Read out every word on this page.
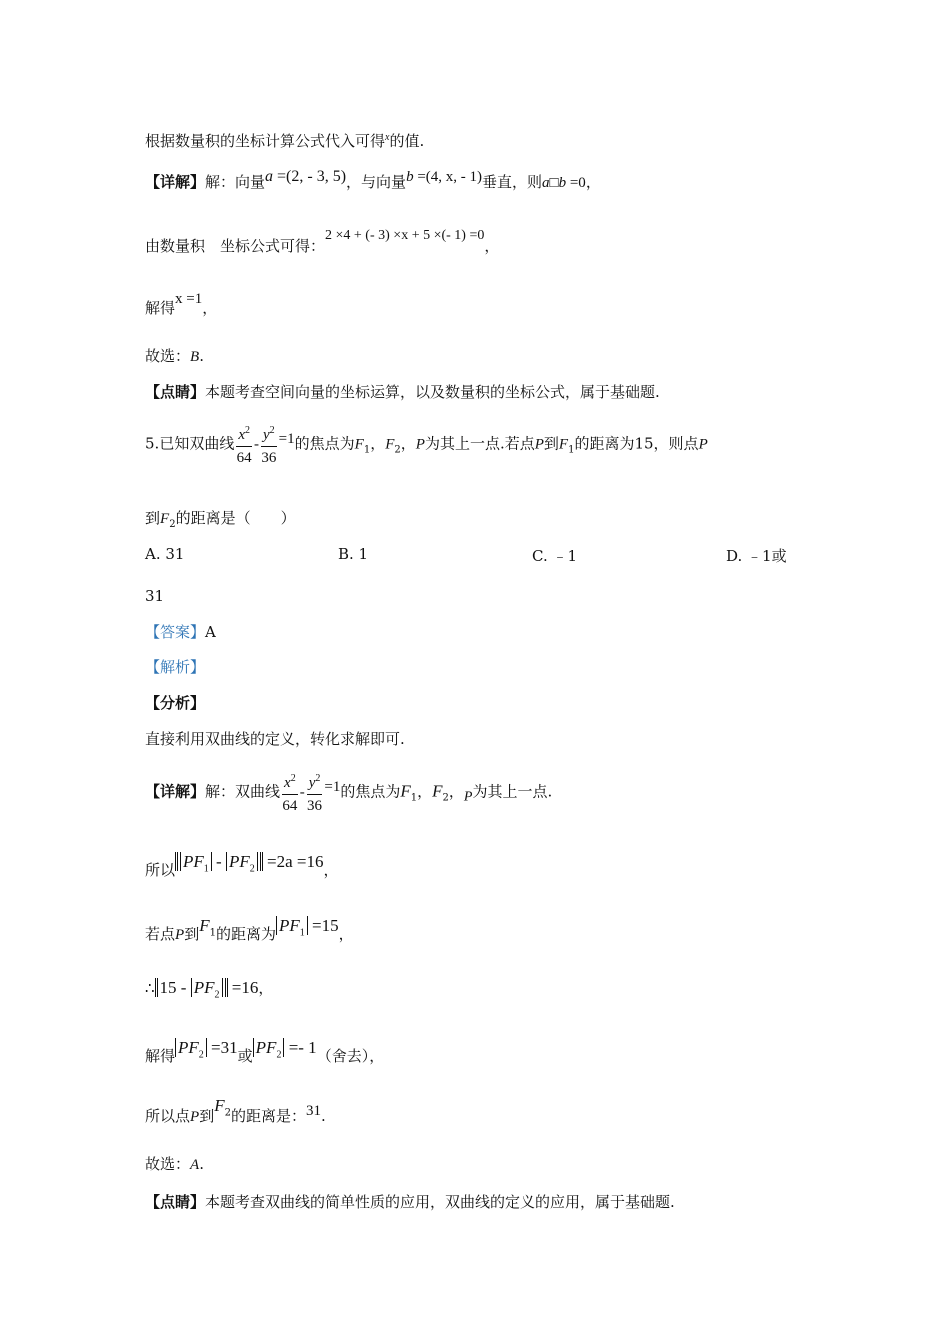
根据数量积的坐标计算公式代入可得$^x$的值.
【详解】解：向量a =(2, - 3, 5)，与向量b =(4, x, - 1)垂直，则a□b =0，
由数量积　坐标公式可得：2 ×4 + (- 3) ×x + 5 ×(- 1) =0，
解得x =1，
故选：B.
【点睛】本题考查空间向量的坐标运算，以及数量积的坐标公式，属于基础题.
5.已知双曲线 $\frac{x^2}{64} - \frac{y^2}{36} =1$的焦点为$F_1$，$F_2$，P为其上一点.若点P到$F_1$的距离为15，则点P
到$F_2$的距离是（　　）
A. 31	B. 1	C. ﹣1	D. ﹣1或
31
【答案】A
【解析】
【分析】
直接利用双曲线的定义，转化求解即可.
【详解】解：双曲线 $\frac{x^2}{64} - \frac{y^2}{36} =1$的焦点为$F_1$，$F_2$，$_P$为其上一点.
所以 $PF_1 - PF_2 =2a =16$，
若点P到$F_1$的距离为 $PF_1 =15$，
∴ $15 - PF_2 =16$，
解得 $PF_2 =31$或 $PF_2 =- 1$（舍去），
所以点P到$F_2$的距离是：31.
故选：A.
【点睛】本题考查双曲线的简单性质的应用，双曲线的定义的应用，属于基础题.
